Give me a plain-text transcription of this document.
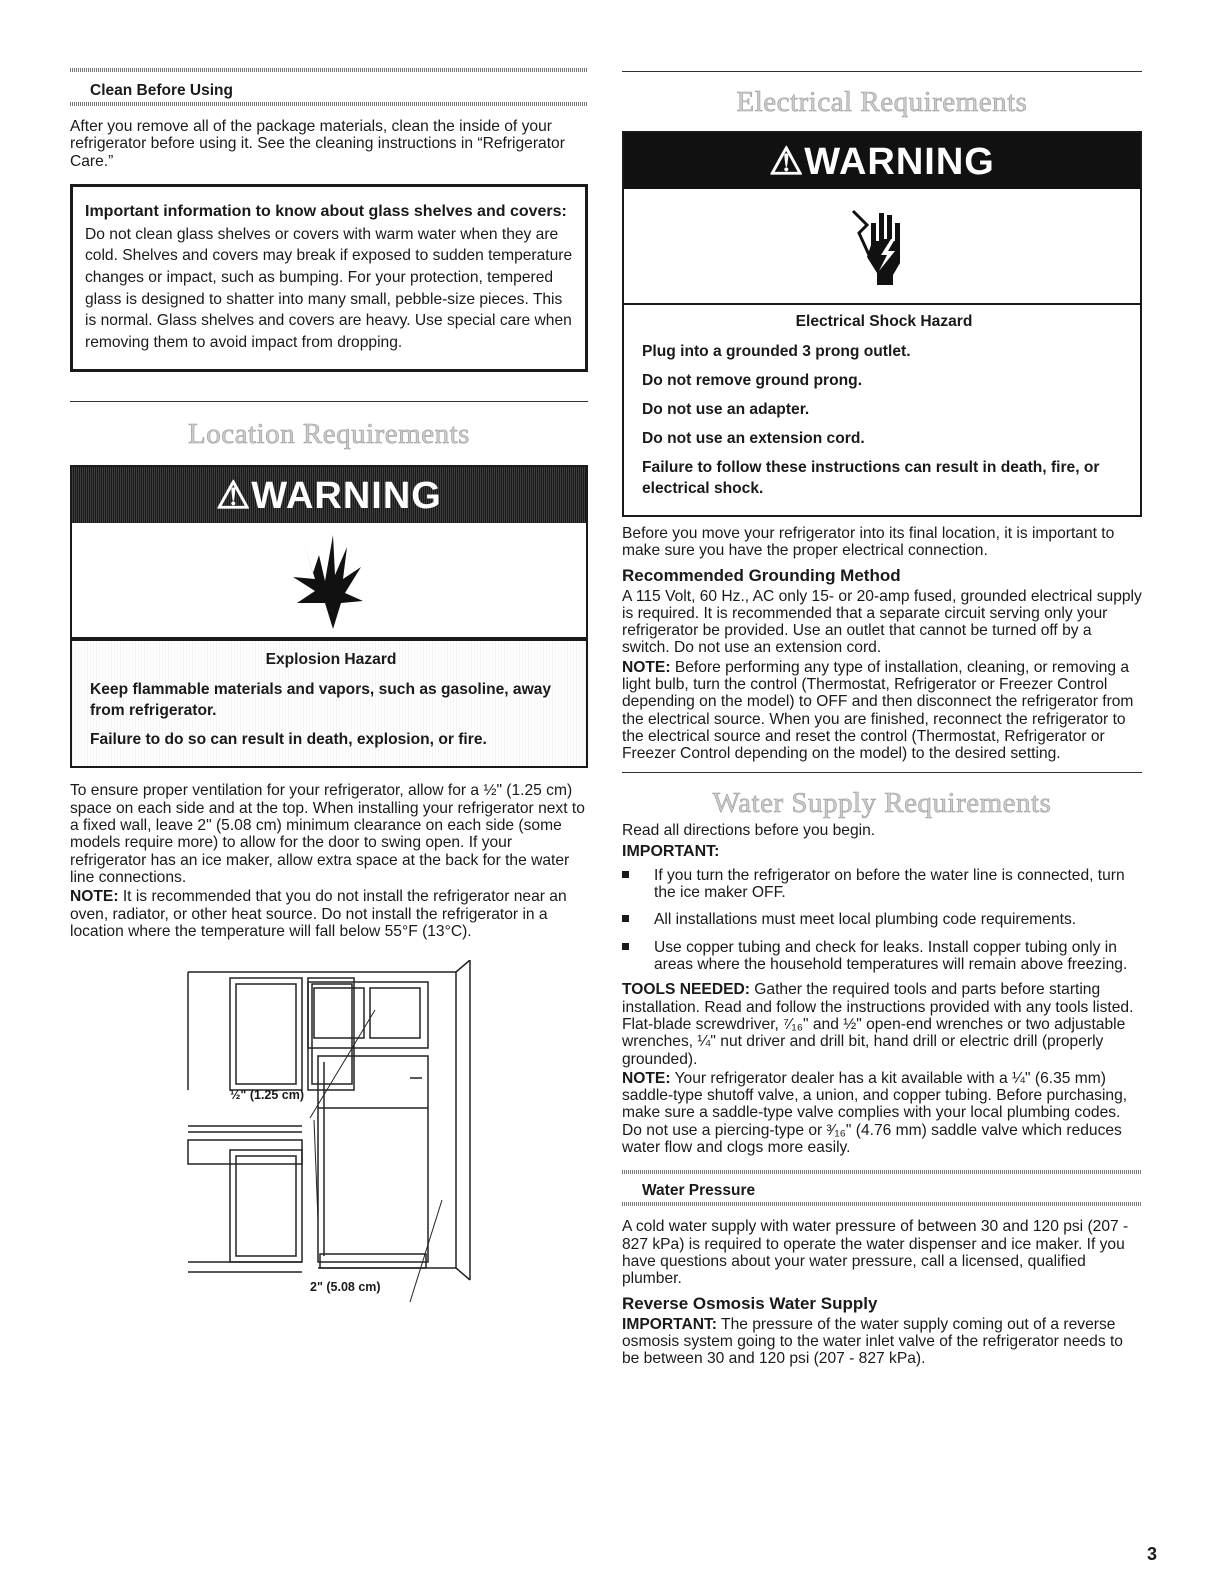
Clean Before Using

After you remove all of the package materials, clean the inside of your refrigerator before using it. See the cleaning instructions in “Refrigerator Care.”

Important information to know about glass shelves and covers:

Do not clean glass shelves or covers with warm water when they are cold. Shelves and covers may break if exposed to sudden temperature changes or impact, such as bumping. For your protection, tempered glass is designed to shatter into many small, pebble-size pieces. This is normal. Glass shelves and covers are heavy. Use special care when removing them to avoid impact from dropping.

Location Requirements
⚠WARNING
Explosion Hazard
Keep flammable materials and vapors, such as gasoline, away from refrigerator.
Failure to do so can result in death, explosion, or fire.

To ensure proper ventilation for your refrigerator, allow for a ½" (1.25 cm) space on each side and at the top. When installing your refrigerator next to a fixed wall, leave 2" (5.08 cm) minimum clearance on each side (some models require more) to allow for the door to swing open. If your refrigerator has an ice maker, allow extra space at the back for the water line connections.

NOTE: It is recommended that you do not install the refrigerator near an oven, radiator, or other heat source. Do not install the refrigerator in a location where the temperature will fall below 55°F (13°C).

½" (1.25 cm)
2" (5.08 cm)
Electrical Requirements
⚠WARNING
Electrical Shock Hazard
Plug into a grounded 3 prong outlet.
Do not remove ground prong.
Do not use an adapter.
Do not use an extension cord.
Failure to follow these instructions can result in death, fire, or electrical shock.

Before you move your refrigerator into its final location, it is important to make sure you have the proper electrical connection.

Recommended Grounding Method

A 115 Volt, 60 Hz., AC only 15- or 20-amp fused, grounded electrical supply is required. It is recommended that a separate circuit serving only your refrigerator be provided. Use an outlet that cannot be turned off by a switch. Do not use an extension cord.

NOTE: Before performing any type of installation, cleaning, or removing a light bulb, turn the control (Thermostat, Refrigerator or Freezer Control depending on the model) to OFF and then disconnect the refrigerator from the electrical source. When you are finished, reconnect the refrigerator to the electrical source and reset the control (Thermostat, Refrigerator or Freezer Control depending on the model) to the desired setting.

Water Supply Requirements

Read all directions before you begin.

IMPORTANT:
If you turn the refrigerator on before the water line is connected, turn the ice maker OFF.
All installations must meet local plumbing code requirements.
Use copper tubing and check for leaks. Install copper tubing only in areas where the household temperatures will remain above freezing.

TOOLS NEEDED: Gather the required tools and parts before starting installation. Read and follow the instructions provided with any tools listed. Flat-blade screwdriver, ⁷⁄₁₆" and ½" open-end wrenches or two adjustable wrenches, ¼" nut driver and drill bit, hand drill or electric drill (properly grounded).

NOTE: Your refrigerator dealer has a kit available with a ¼" (6.35 mm) saddle-type shutoff valve, a union, and copper tubing. Before purchasing, make sure a saddle-type valve complies with your local plumbing codes. Do not use a piercing-type or ³⁄₁₆" (4.76 mm) saddle valve which reduces water flow and clogs more easily.

Water Pressure

A cold water supply with water pressure of between 30 and 120 psi (207 - 827 kPa) is required to operate the water dispenser and ice maker. If you have questions about your water pressure, call a licensed, qualified plumber.

Reverse Osmosis Water Supply

IMPORTANT: The pressure of the water supply coming out of a reverse osmosis system going to the water inlet valve of the refrigerator needs to be between 30 and 120 psi (207 - 827 kPa).

3
